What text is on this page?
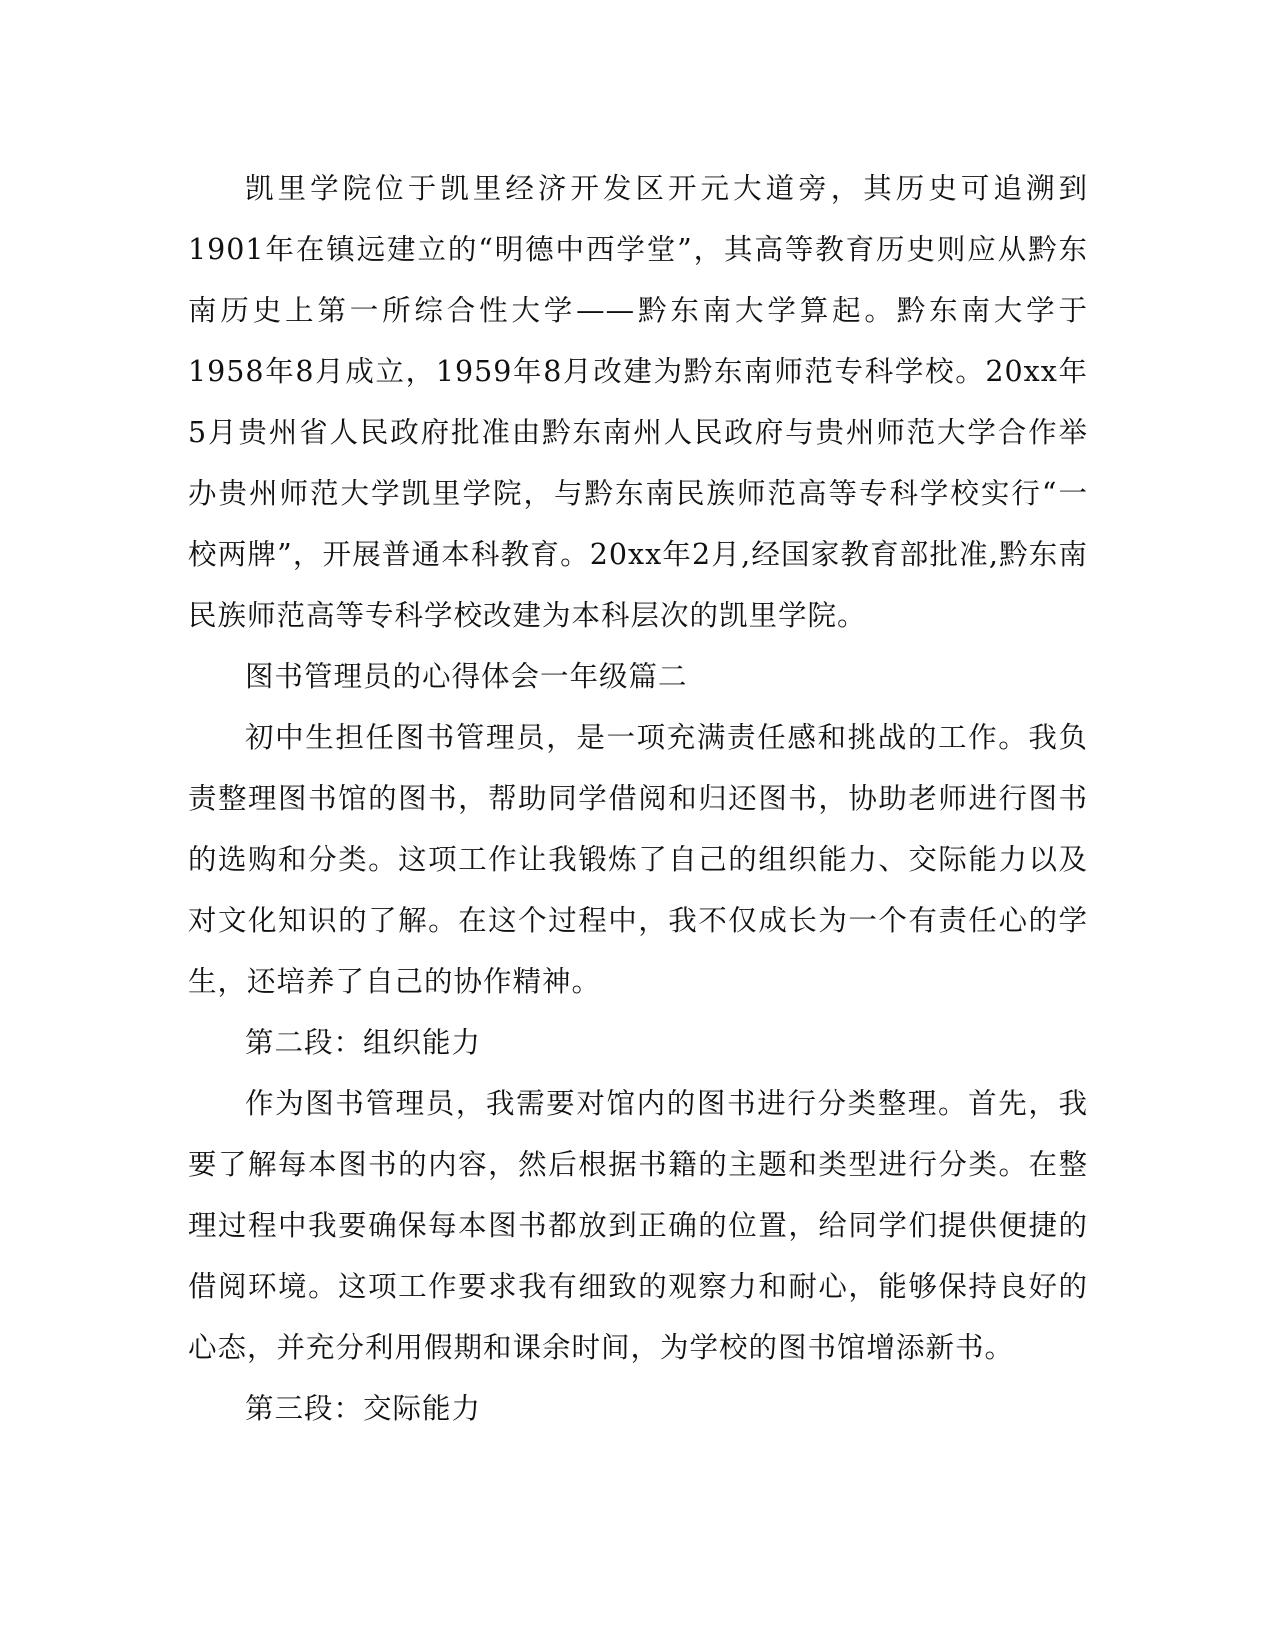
凯里学院位于凯里经济开发区开元大道旁，其历史可追溯到1901年在镇远建立的“明德中西学堂”，其高等教育历史则应从黔东南历史上第一所综合性大学——黔东南大学算起。黔东南大学于1958年8月成立，1959年8月改建为黔东南师范专科学校。20xx年5月贵州省人民政府批准由黔东南州人民政府与贵州师范大学合作举办贵州师范大学凯里学院，与黔东南民族师范高等专科学校实行“一校两牌”，开展普通本科教育。20xx年2月,经国家教育部批准,黔东南民族师范高等专科学校改建为本科层次的凯里学院。

图书管理员的心得体会一年级篇二

初中生担任图书管理员，是一项充满责任感和挑战的工作。我负责整理图书馆的图书，帮助同学借阅和归还图书，协助老师进行图书的选购和分类。这项工作让我锻炼了自己的组织能力、交际能力以及对文化知识的了解。在这个过程中，我不仅成长为一个有责任心的学生，还培养了自己的协作精神。

第二段：组织能力

作为图书管理员，我需要对馆内的图书进行分类整理。首先，我要了解每本图书的内容，然后根据书籍的主题和类型进行分类。在整理过程中我要确保每本图书都放到正确的位置，给同学们提供便捷的借阅环境。这项工作要求我有细致的观察力和耐心，能够保持良好的心态，并充分利用假期和课余时间，为学校的图书馆增添新书。

第三段：交际能力
